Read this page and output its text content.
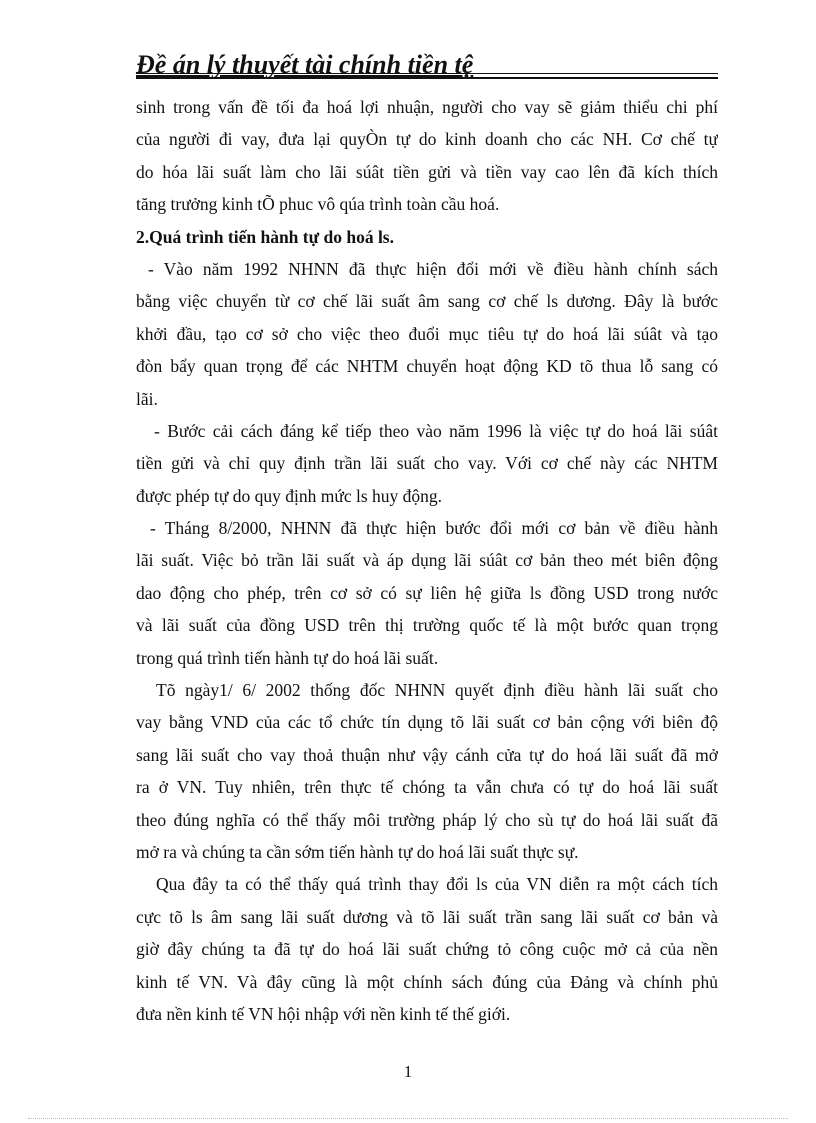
Đề án lý thuyết tài chính tiền tệ
sinh trong vấn đề tối đa hoá lợi nhuận, người cho vay sẽ giảm thiểu chi phí
của người đi vay, đưa lại quyÒn tự do kinh doanh cho các NH. Cơ chế tự
do hóa lãi suất làm cho lãi súât tiền gửi và tiền vay cao lên đã kích thích
tăng trưởng kinh tÕ phuc vô qúa trình toàn cầu hoá.
2.Quá trình tiến hành tự do hoá ls.
- Vào năm 1992 NHNN đã thực hiện đổi mới về điều hành chính sách
bằng việc chuyển từ cơ chế lãi suất âm sang cơ chế ls dương. Đây là bước
khởi đầu, tạo cơ sở cho việc theo đuổi mục tiêu tự do hoá lãi súât và tạo
đòn bẩy quan trọng để các NHTM chuyển hoạt động KD tõ thua lỗ sang có
lãi.
- Bước cải cách đáng kể tiếp theo vào năm 1996 là việc tự do hoá lãi súât
tiền gửi và chỉ quy định trần lãi suất cho vay. Với cơ chế này các NHTM
được phép tự do quy định mức ls huy động.
- Tháng 8/2000, NHNN đã thực hiện bước đổi mới cơ bản về điều hành
lãi suất. Việc bỏ trần lãi suất và áp dụng lãi súât cơ bản theo mét biên động
dao động cho phép, trên cơ sở có sự liên hệ giữa ls đồng USD trong nước
và lãi suất của đồng USD trên thị trường quốc tế là một bước quan trọng
trong quá trình tiến hành tự do hoá lãi suất.
Tõ ngày1/ 6/ 2002 thống đốc NHNN quyết định điều hành lãi suất cho
vay bằng VND của các tổ chức tín dụng tõ lãi suất cơ bản cộng với biên độ
sang lãi suất cho vay thoả thuận như vậy cánh cửa tự do hoá lãi suất đã mở
ra ở VN. Tuy nhiên, trên thực tế chóng ta vẫn chưa có tự do hoá lãi suất
theo đúng nghĩa có thể thấy môi trường pháp lý cho sù tự do hoá lãi suất đã
mở ra và chúng ta cần sớm tiến hành tự do hoá lãi suất thực sự.
Qua đây ta có thể thấy quá trình thay đổi ls của VN diễn ra một cách tích
cực tõ ls âm sang lãi suất dương và tõ lãi suất trần sang lãi suất cơ bản và
giờ đây chúng ta đã tự do hoá lãi suất chứng tỏ công cuộc mở cả của nền
kinh tế VN. Và đây cũng là một chính sách đúng của Đảng và chính phủ
đưa nền kinh tế VN hội nhập với nền kinh tế thế giới.
1
